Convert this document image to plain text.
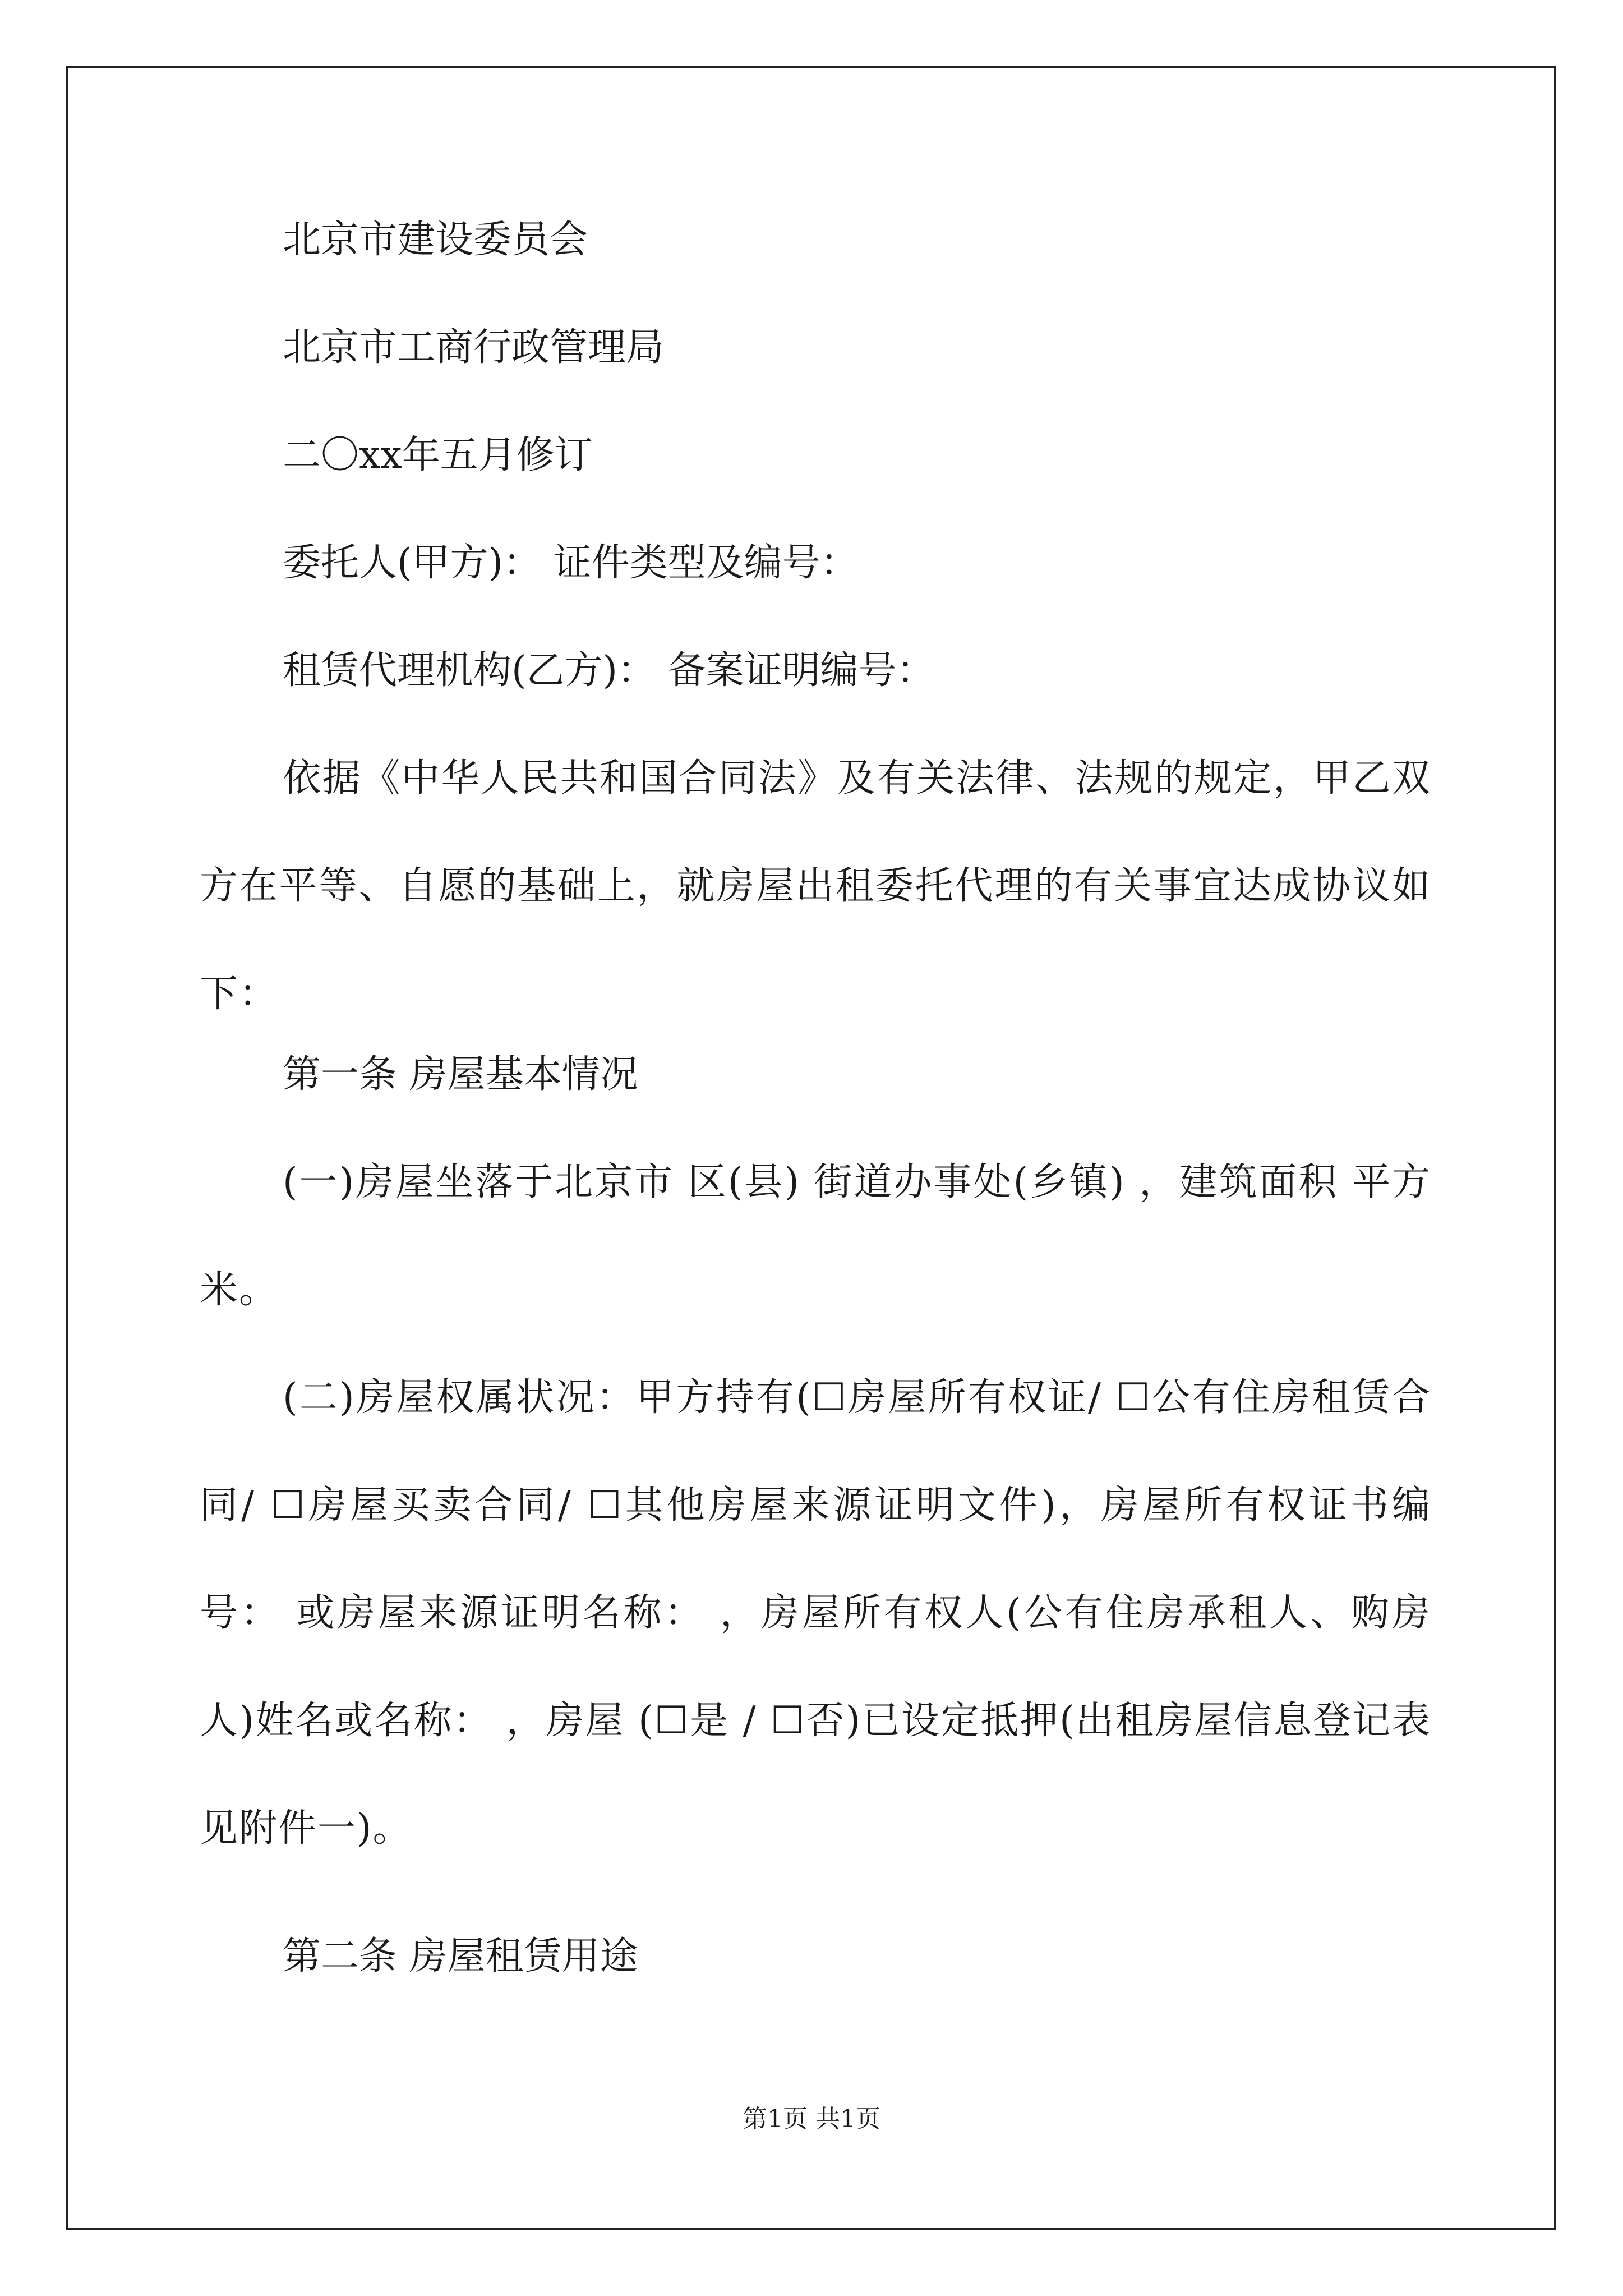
北京市建设委员会

北京市工商行政管理局

二〇xx年五月修订

委托人(甲方)： 证件类型及编号：

租赁代理机构(乙方)： 备案证明编号：

依据《中华人民共和国合同法》及有关法律、法规的规定，甲乙双方在平等、自愿的基础上，就房屋出租委托代理的有关事宜达成协议如下：

第一条 房屋基本情况

(一)房屋坐落于北京市 区(县) 街道办事处(乡镇) ，建筑面积 平方米。

(二)房屋权属状况：甲方持有(☐房屋所有权证/ ☐公有住房租赁合同/ ☐房屋买卖合同/ ☐其他房屋来源证明文件)，房屋所有权证书编号： 或房屋来源证明名称： ，房屋所有权人(公有住房承租人、购房人)姓名或名称： ，房屋 (☐是 / ☐否)已设定抵押(出租房屋信息登记表见附件一)。

第二条 房屋租赁用途

第1页 共1页
